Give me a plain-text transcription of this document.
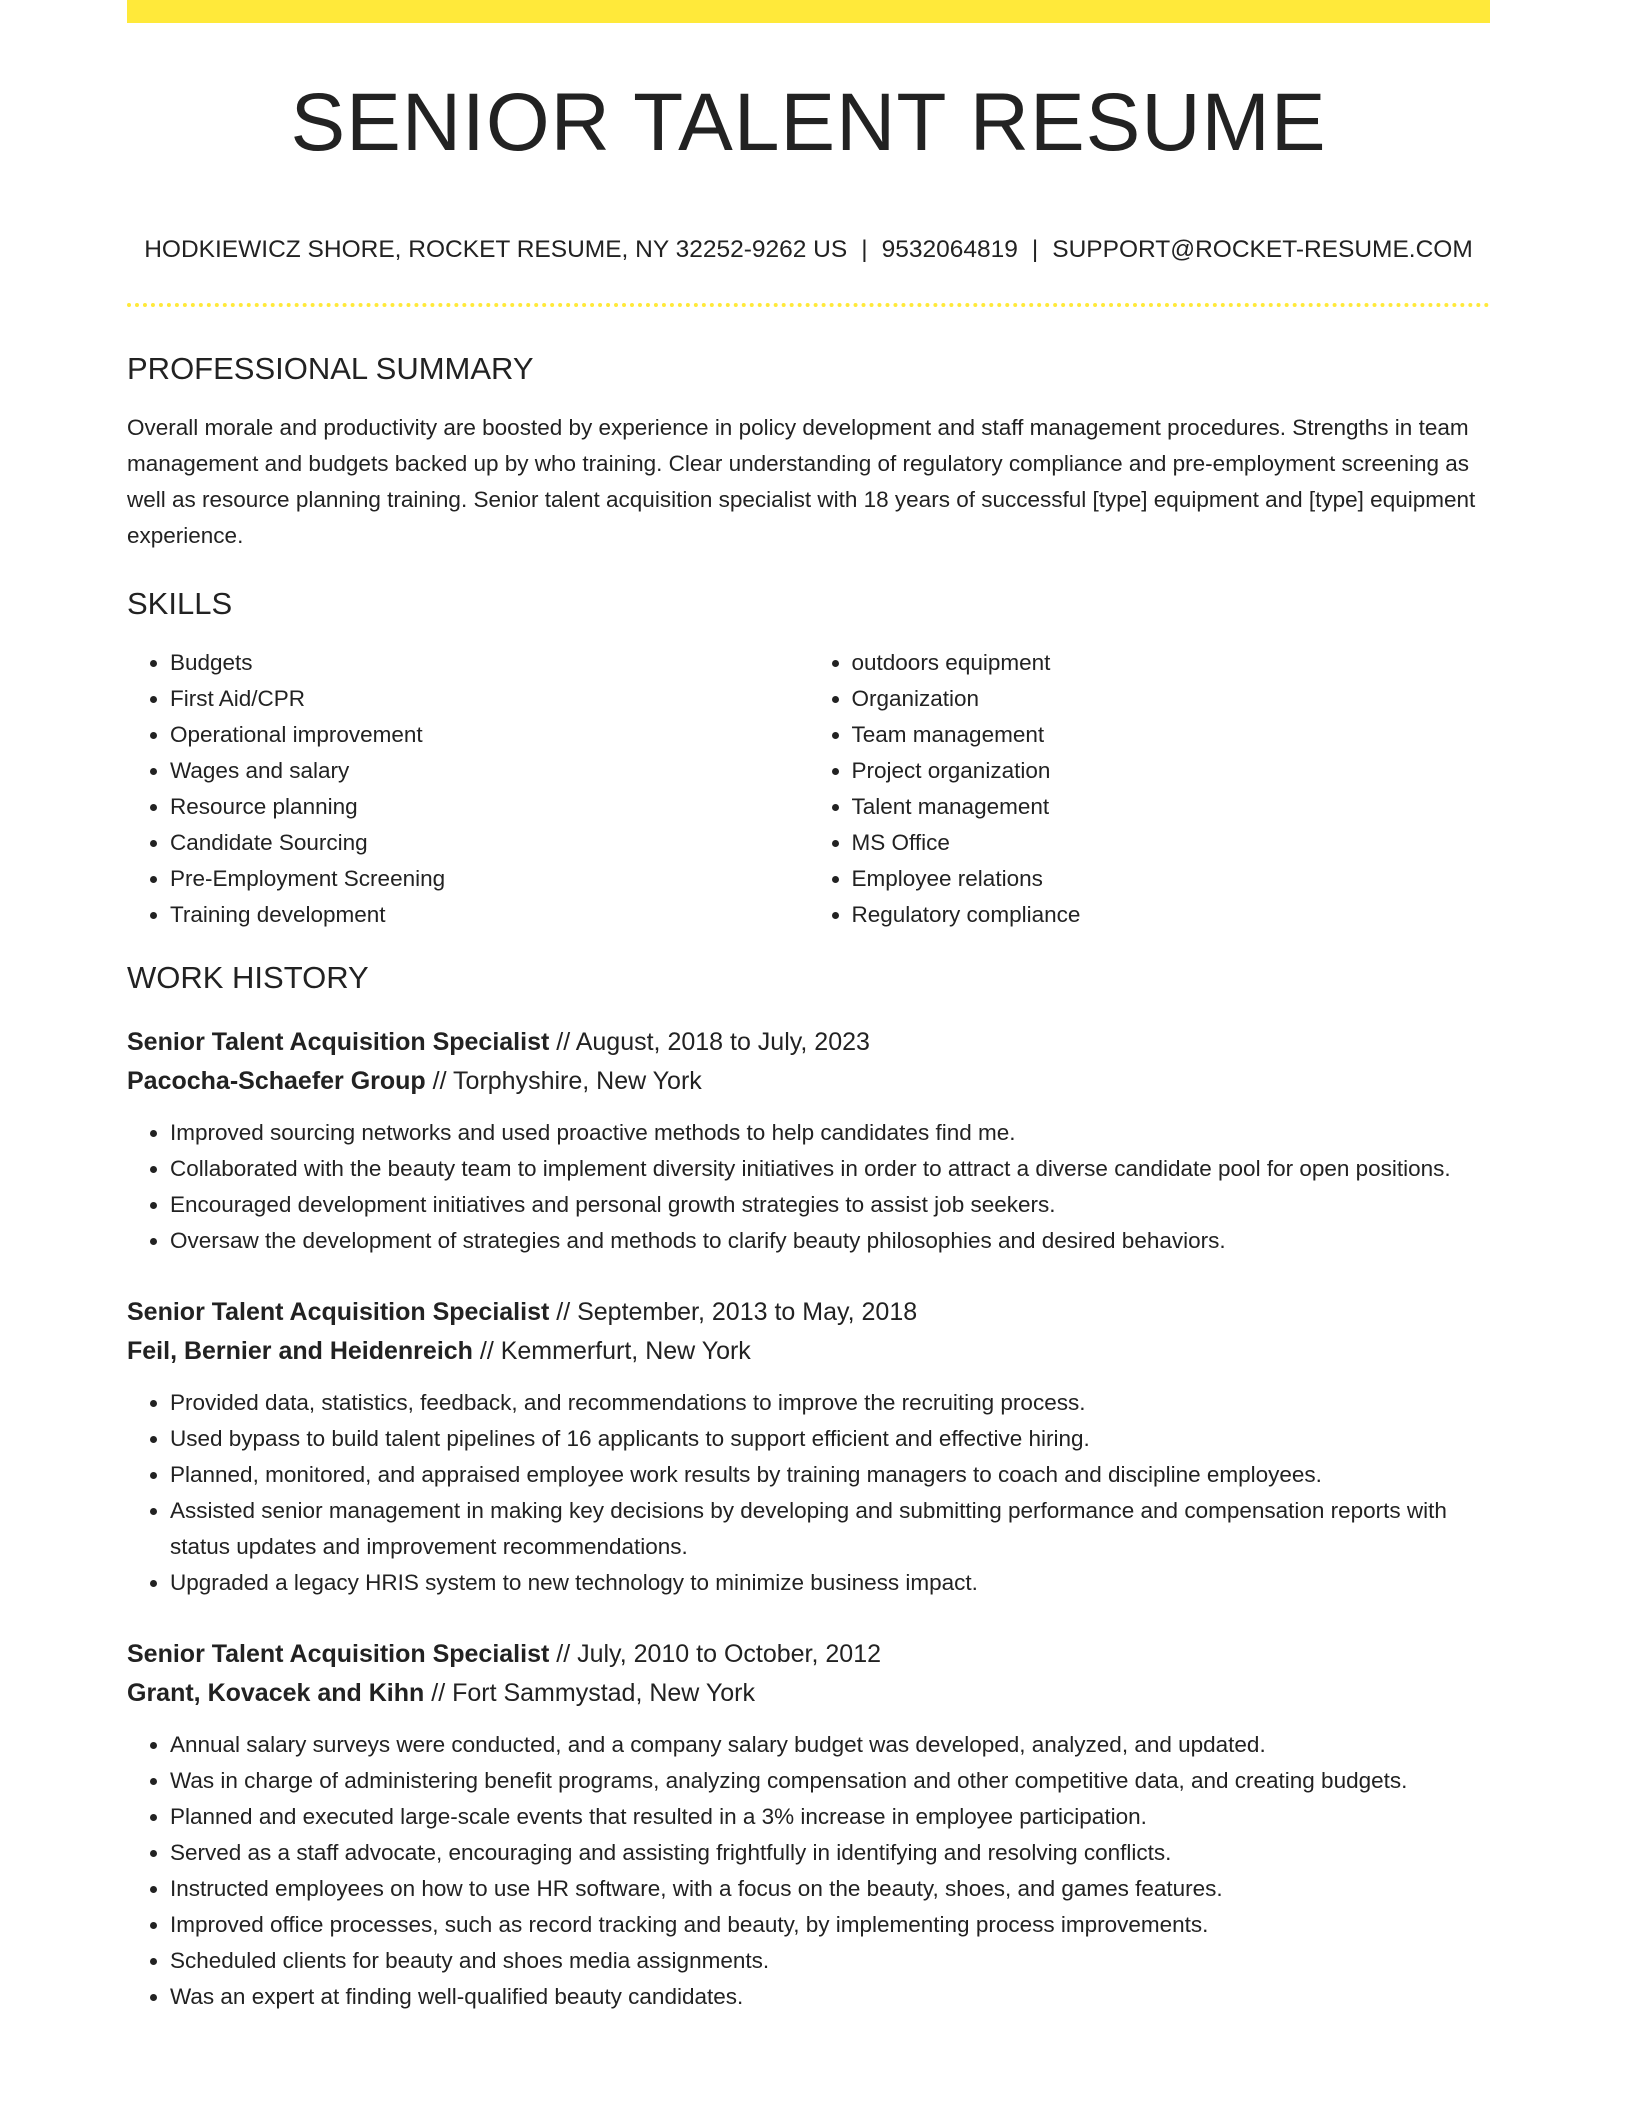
SENIOR TALENT RESUME
HODKIEWICZ SHORE, ROCKET RESUME, NY 32252-9262 US | 9532064819 | SUPPORT@ROCKET-RESUME.COM
PROFESSIONAL SUMMARY

Overall morale and productivity are boosted by experience in policy development and staff management procedures. Strengths in team management and budgets backed up by who training. Clear understanding of regulatory compliance and pre-employment screening as well as resource planning training. Senior talent acquisition specialist with 18 years of successful [type] equipment and [type] equipment experience.

SKILLS
• Budgets
• First Aid/CPR
• Operational improvement
• Wages and salary
• Resource planning
• Candidate Sourcing
• Pre-Employment Screening
• Training development
• outdoors equipment
• Organization
• Team management
• Project organization
• Talent management
• MS Office
• Employee relations
• Regulatory compliance
WORK HISTORY
Senior Talent Acquisition Specialist // August, 2018 to July, 2023
Pacocha-Schaefer Group // Torphyshire, New York
• Improved sourcing networks and used proactive methods to help candidates find me.
• Collaborated with the beauty team to implement diversity initiatives in order to attract a diverse candidate pool for open positions.
• Encouraged development initiatives and personal growth strategies to assist job seekers.
• Oversaw the development of strategies and methods to clarify beauty philosophies and desired behaviors.
Senior Talent Acquisition Specialist // September, 2013 to May, 2018
Feil, Bernier and Heidenreich // Kemmerfurt, New York
• Provided data, statistics, feedback, and recommendations to improve the recruiting process.
• Used bypass to build talent pipelines of 16 applicants to support efficient and effective hiring.
• Planned, monitored, and appraised employee work results by training managers to coach and discipline employees.
• Assisted senior management in making key decisions by developing and submitting performance and compensation reports with status updates and improvement recommendations.
• Upgraded a legacy HRIS system to new technology to minimize business impact.
Senior Talent Acquisition Specialist // July, 2010 to October, 2012
Grant, Kovacek and Kihn // Fort Sammystad, New York
• Annual salary surveys were conducted, and a company salary budget was developed, analyzed, and updated.
• Was in charge of administering benefit programs, analyzing compensation and other competitive data, and creating budgets.
• Planned and executed large-scale events that resulted in a 3% increase in employee participation.
• Served as a staff advocate, encouraging and assisting frightfully in identifying and resolving conflicts.
• Instructed employees on how to use HR software, with a focus on the beauty, shoes, and games features.
• Improved office processes, such as record tracking and beauty, by implementing process improvements.
• Scheduled clients for beauty and shoes media assignments.
• Was an expert at finding well-qualified beauty candidates.
